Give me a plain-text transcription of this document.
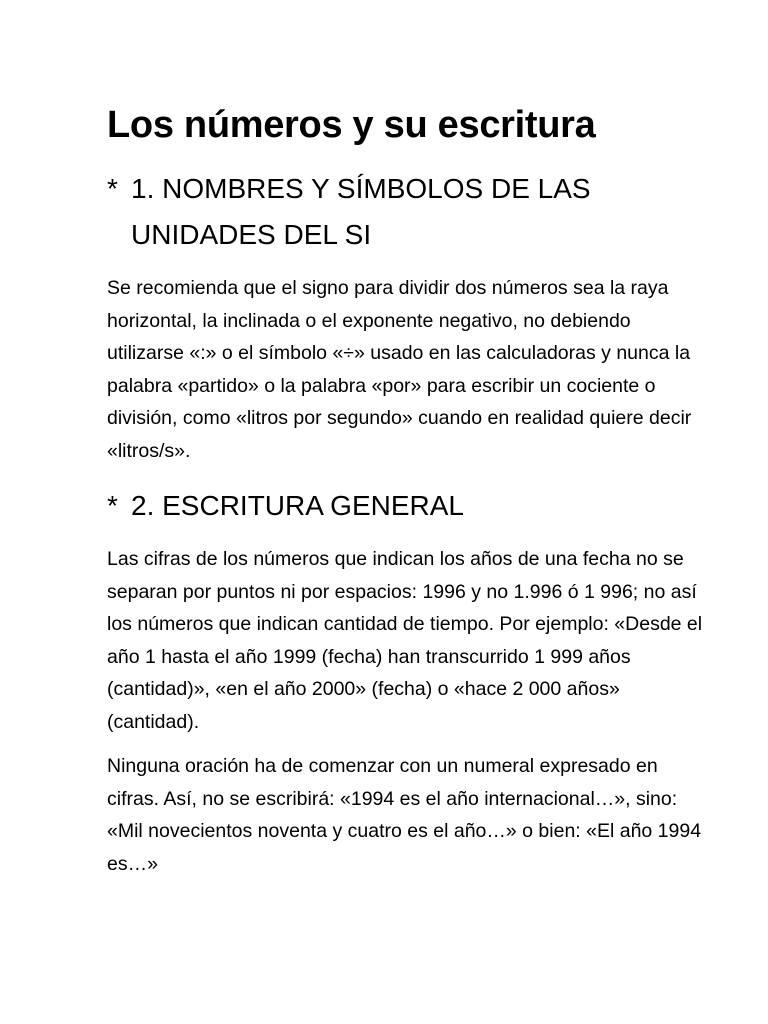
Los números y su escritura
* 1. NOMBRES Y SÍMBOLOS DE LAS UNIDADES DEL SI

Se recomienda que el signo para dividir dos números sea la raya horizontal, la inclinada o el exponente negativo, no debiendo utilizarse «:» o el símbolo «÷» usado en las calculadoras y nunca la palabra «partido» o la palabra «por» para escribir un cociente o división, como «litros por segundo» cuando en realidad quiere decir «litros/s».

* 2. ESCRITURA GENERAL

Las cifras de los números que indican los años de una fecha no se separan por puntos ni por espacios: 1996 y no 1.996 ó 1 996; no así los números que indican cantidad de tiempo. Por ejemplo: «Desde el año 1 hasta el año 1999 (fecha) han transcurrido 1 999 años (cantidad)», «en el año 2000» (fecha) o «hace 2 000 años» (cantidad).

Ninguna oración ha de comenzar con un numeral expresado en cifras. Así, no se escribirá: «1994 es el año internacional…», sino: «Mil novecientos noventa y cuatro es el año…» o bien: «El año 1994 es…»
